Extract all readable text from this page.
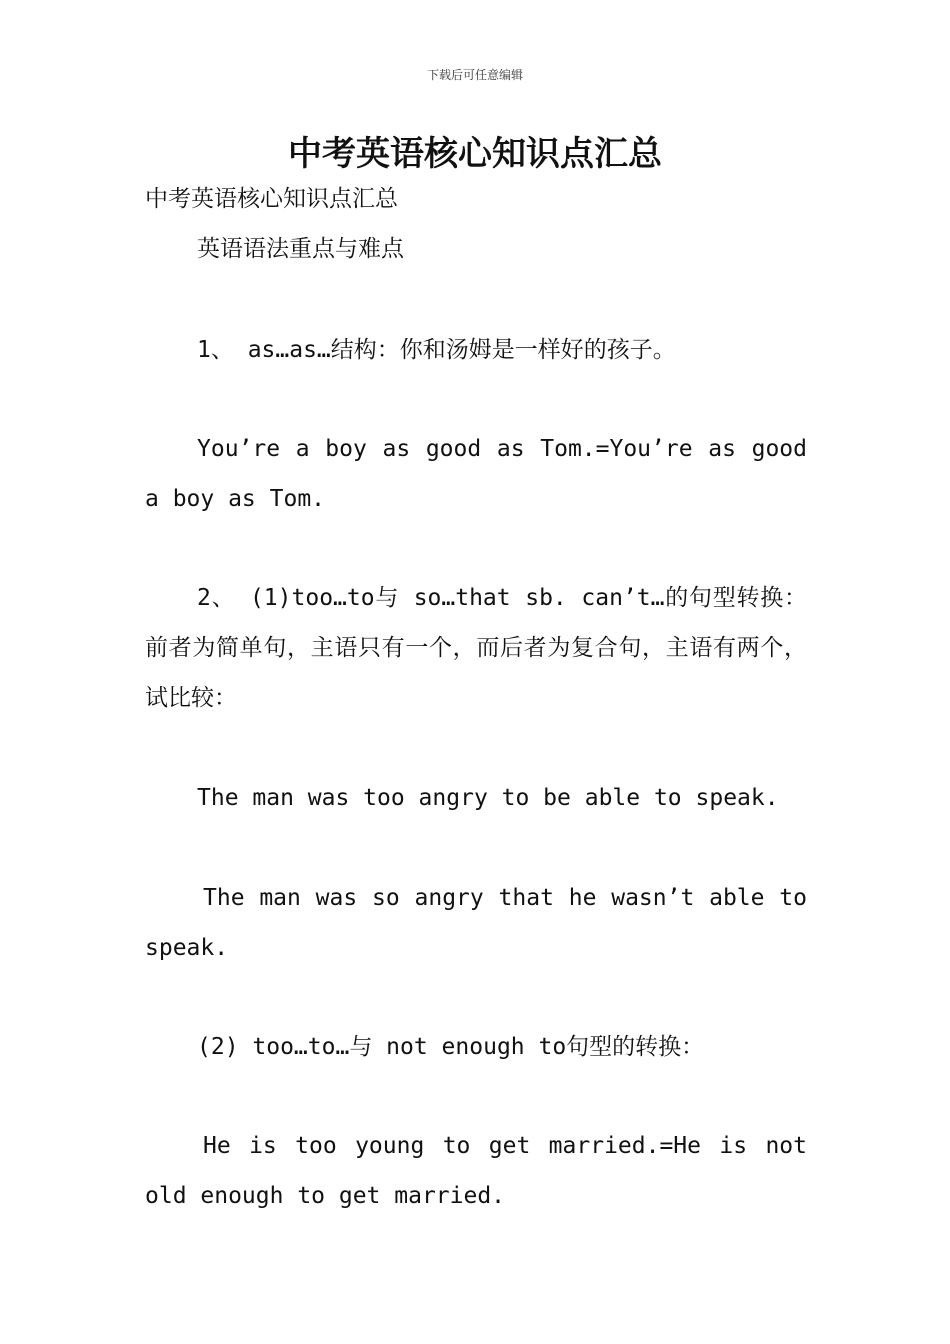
下载后可任意编辑
中考英语核心知识点汇总
中考英语核心知识点汇总
英语语法重点与难点
1、 as…as…结构：你和汤姆是一样好的孩子。
You’re a boy as good as Tom.=You’re as good a boy as Tom.
2、 (1)too…to与 so…that sb. can’t…的句型转换：前者为简单句，主语只有一个，而后者为复合句，主语有两个，试比较：
The man was too angry to be able to speak.
The man was so angry that he wasn’t able to speak.
(2) too…to…与 not enough to句型的转换：
He is too young to get married.=He is not old enough to get married.
